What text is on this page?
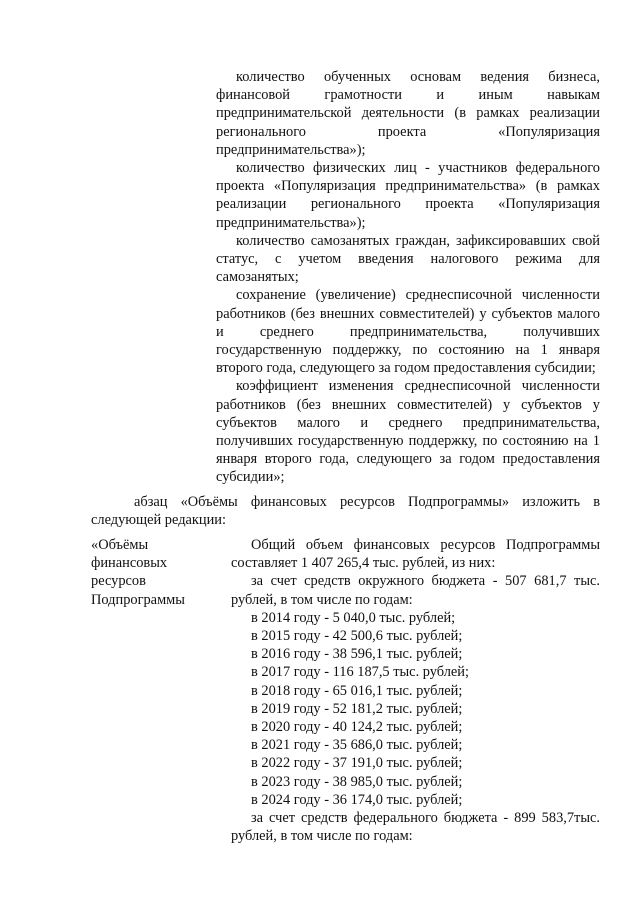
количество обученных основам ведения бизнеса, финансовой грамотности и иным навыкам предпринимательской деятельности (в рамках реализации регионального проекта «Популяризация предпринимательства»);

количество физических лиц - участников федерального проекта «Популяризация предпринимательства» (в рамках реализации регионального проекта «Популяризация предпринимательства»);

количество самозанятых граждан, зафиксировавших свой статус, с учетом введения налогового режима для самозанятых;

сохранение (увеличение) среднесписочной численности работников (без внешних совместителей) у субъектов малого и среднего предпринимательства, получивших государственную поддержку, по состоянию на 1 января второго года, следующего за годом предоставления субсидии;

коэффициент изменения среднесписочной численности работников (без внешних совместителей) у субъектов у субъектов малого и среднего предпринимательства, получивших государственную поддержку, по состоянию на 1 января второго года, следующего за годом предоставления субсидии»;

абзац «Объёмы финансовых ресурсов Подпрограммы» изложить в следующей редакции:

«Объёмы
финансовых
ресурсов
Подпрограммы

Общий объем финансовых ресурсов Подпрограммы составляет 1 407 265,4 тыс. рублей, из них:

за счет средств окружного бюджета - 507 681,7 тыс. рублей, в том числе по годам:

в 2014 году - 5 040,0 тыс. рублей;
в 2015 году - 42 500,6 тыс. рублей;
в 2016 году - 38 596,1 тыс. рублей;
в 2017 году - 116 187,5 тыс. рублей;
в 2018 году - 65 016,1 тыс. рублей;
в 2019 году - 52 181,2 тыс. рублей;
в 2020 году - 40 124,2 тыс. рублей;
в 2021 году - 35 686,0 тыс. рублей;
в 2022 году - 37 191,0 тыс. рублей;
в 2023 году - 38 985,0 тыс. рублей;
в 2024 году - 36 174,0 тыс. рублей;

за счет средств федерального бюджета - 899 583,7тыс. рублей, в том числе по годам:
